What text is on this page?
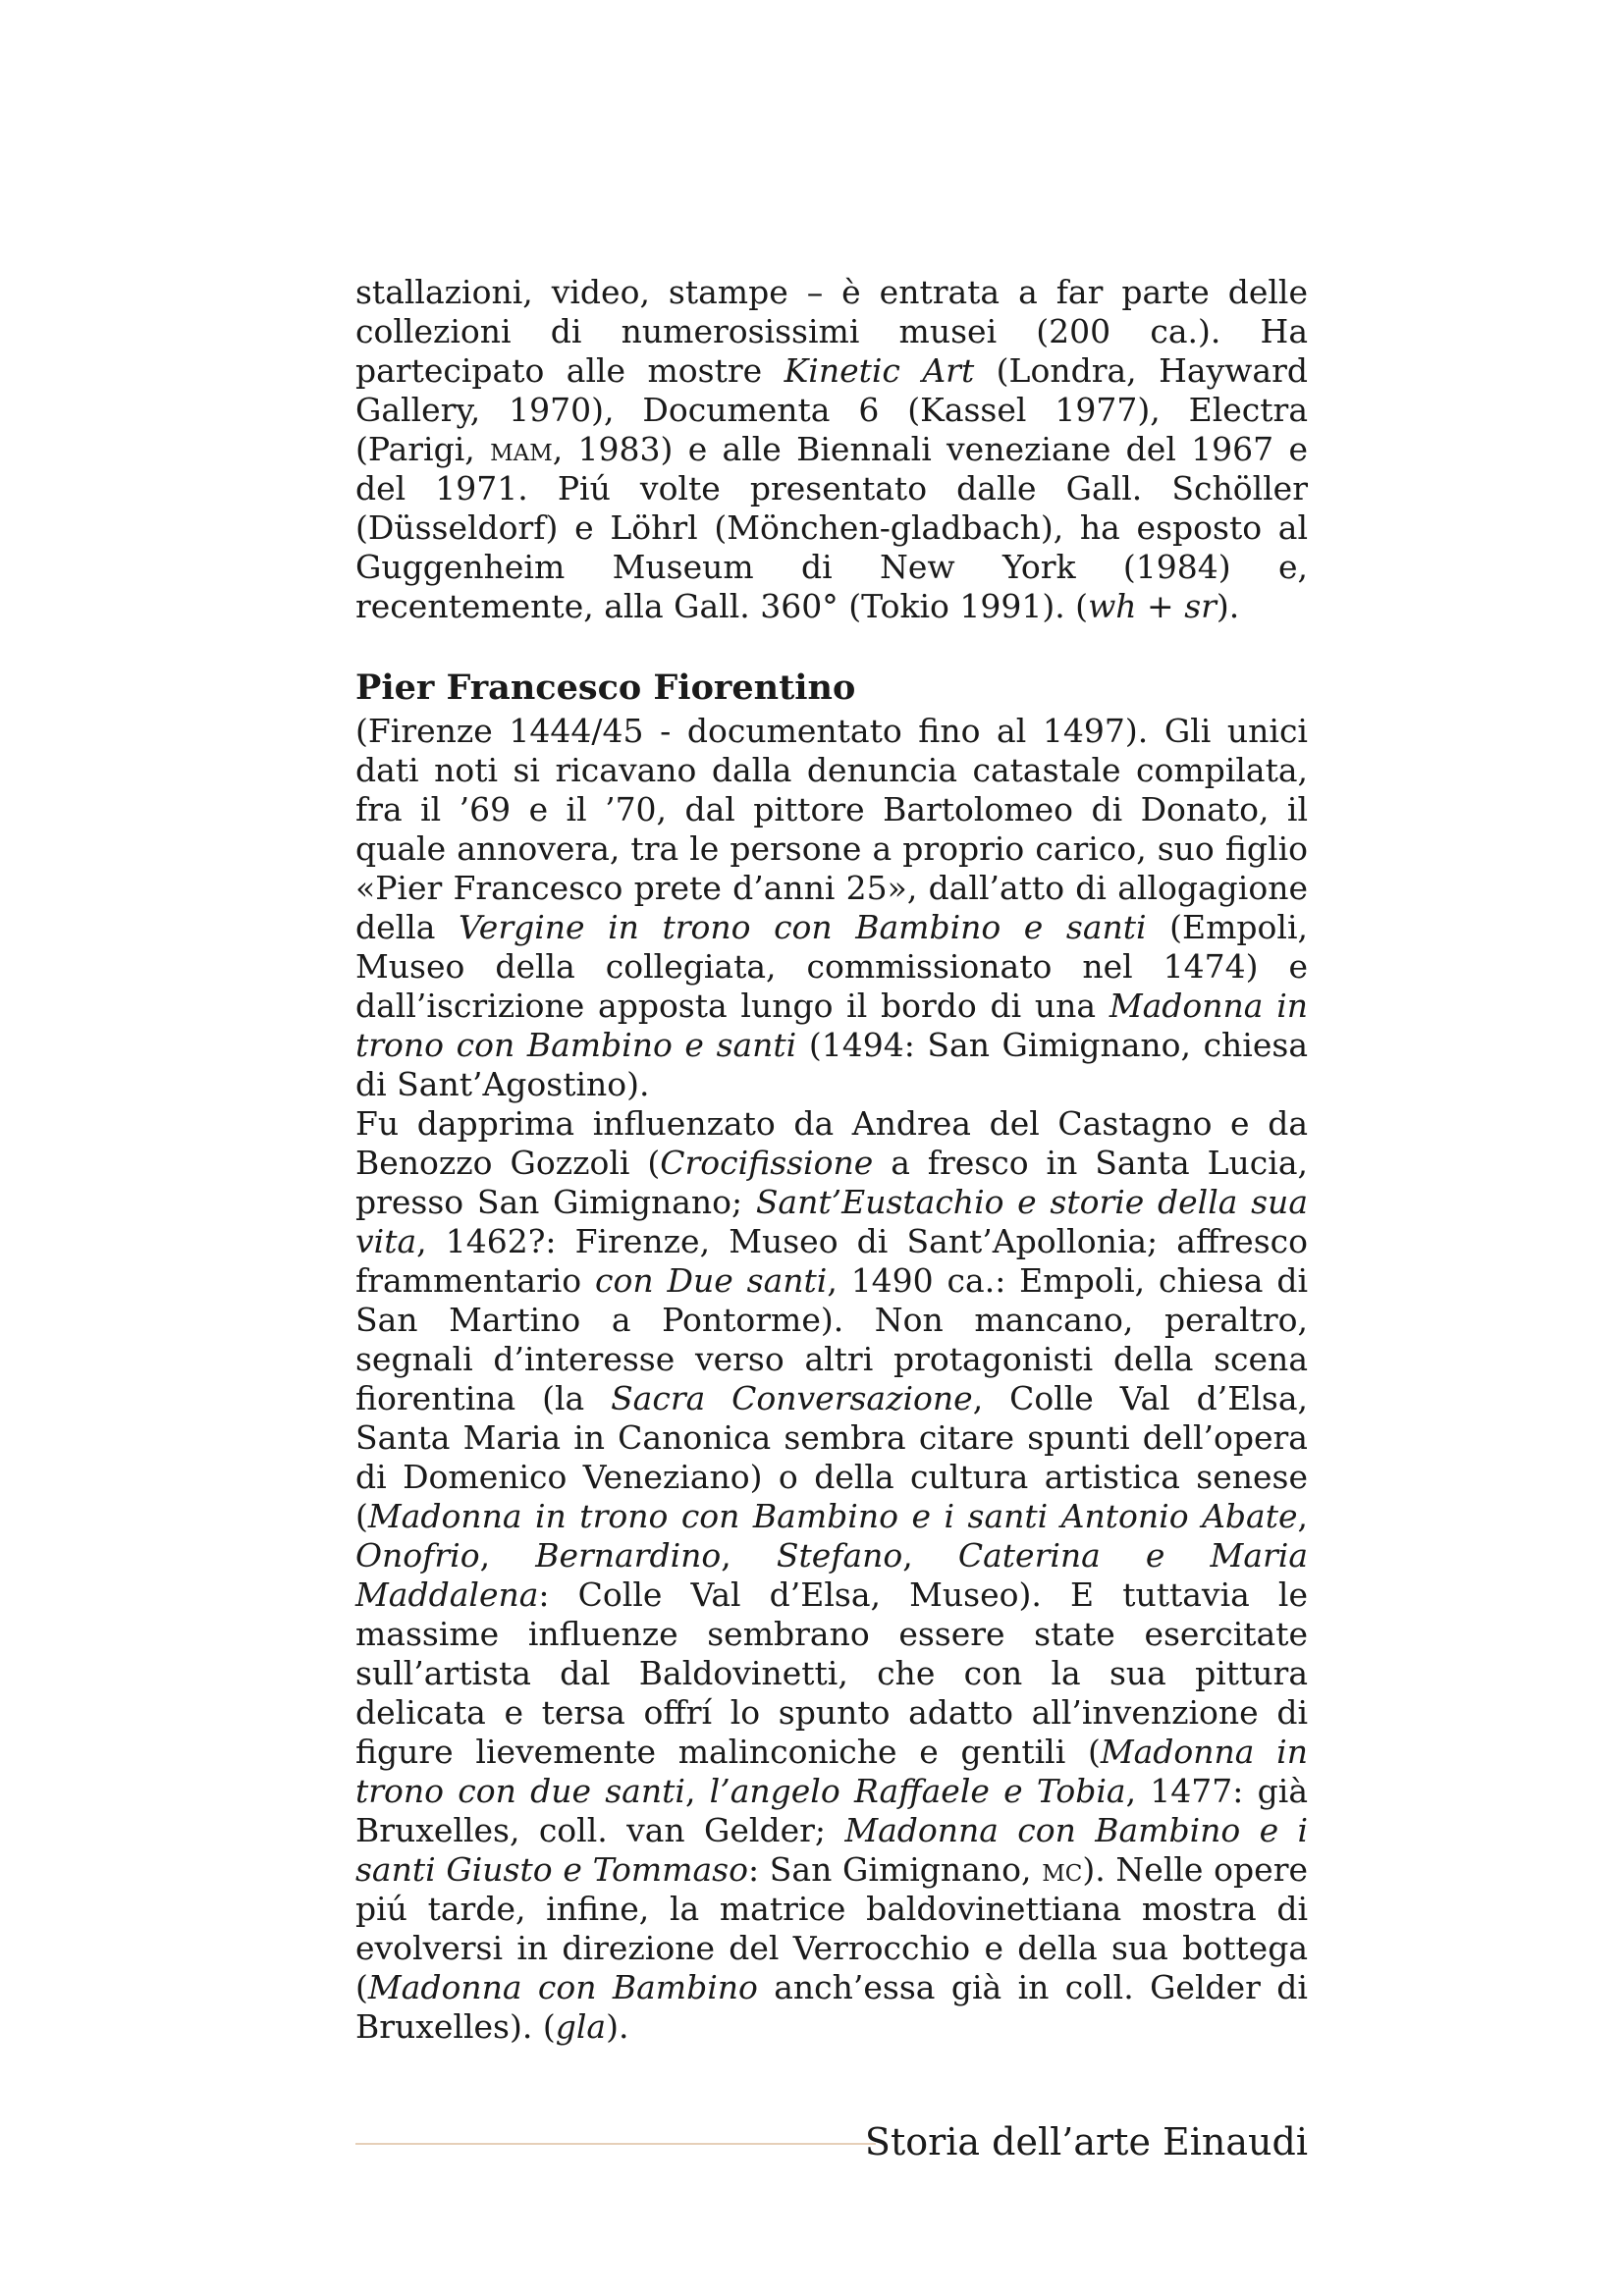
stallazioni, video, stampe – è entrata a far parte delle collezioni di numerosissimi musei (200 ca.). Ha partecipato alle mostre Kinetic Art (Londra, Hayward Gallery, 1970), Documenta 6 (Kassel 1977), Electra (Parigi, mam, 1983) e alle Biennali veneziane del 1967 e del 1971. Piú volte presentato dalle Gall. Schöller (Düsseldorf) e Löhrl (Mönchen-gladbach), ha esposto al Guggenheim Museum di New York (1984) e, recentemente, alla Gall. 360° (Tokio 1991). (wh + sr).

Pier Francesco Fiorentino

(Firenze 1444/45 - documentato fino al 1497). Gli unici dati noti si ricavano dalla denuncia catastale compilata, fra il ’69 e il ’70, dal pittore Bartolomeo di Donato, il quale annovera, tra le persone a proprio carico, suo figlio «Pier Francesco prete d’anni 25», dall’atto di allogagione della Vergine in trono con Bambino e santi (Empoli, Museo della collegiata, commissionato nel 1474) e dall’iscrizione apposta lungo il bordo di una Madonna in trono con Bambino e santi (1494: San Gimignano, chiesa di Sant’Agostino).

Fu dapprima influenzato da Andrea del Castagno e da Benozzo Gozzoli (Crocifissione a fresco in Santa Lucia, presso San Gimignano; Sant’Eustachio e storie della sua vita, 1462?: Firenze, Museo di Sant’Apollonia; affresco frammentario con Due santi, 1490 ca.: Empoli, chiesa di San Martino a Pontorme). Non mancano, peraltro, segnali d’interesse verso altri protagonisti della scena fiorentina (la Sacra Conversazione, Colle Val d’Elsa, Santa Maria in Canonica sembra citare spunti dell’opera di Domenico Veneziano) o della cultura artistica senese (Madonna in trono con Bambino e i santi Antonio Abate, Onofrio, Bernardino, Stefano, Caterina e Maria Maddalena: Colle Val d’Elsa, Museo). E tuttavia le massime influenze sembrano essere state esercitate sull’artista dal Baldovinetti, che con la sua pittura delicata e tersa offrí lo spunto adatto all’invenzione di figure lievemente malinconiche e gentili (Madonna in trono con due santi, l’angelo Raffaele e Tobia, 1477: già Bruxelles, coll. van Gelder; Madonna con Bambino e i santi Giusto e Tommaso: San Gimignano, mc). Nelle opere piú tarde, infine, la matrice baldovinettiana mostra di evolversi in direzione del Verrocchio e della sua bottega (Madonna con Bambino anch’essa già in coll. Gelder di Bruxelles). (gla).

Storia dell’arte Einaudi
